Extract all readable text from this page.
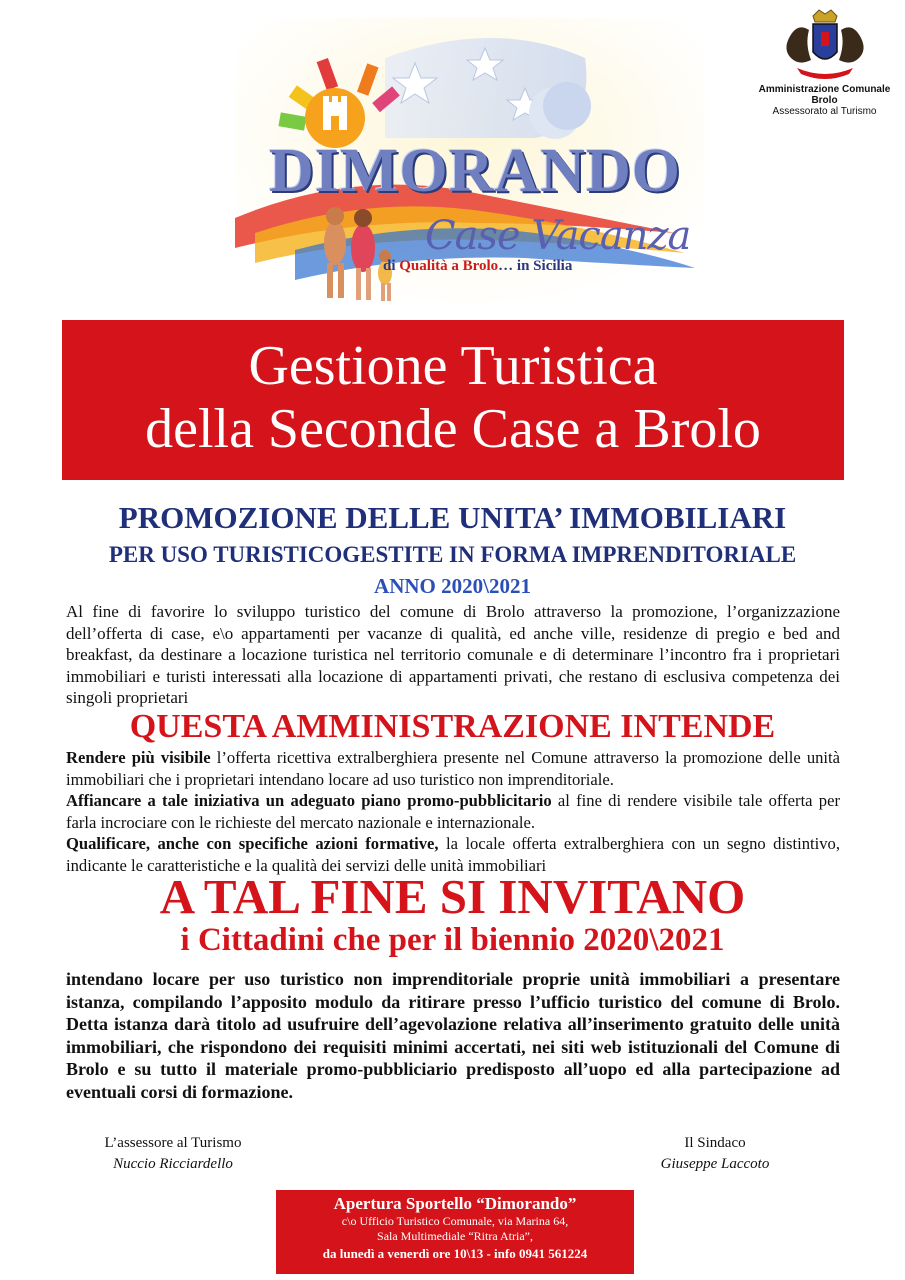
DIMORANDO
Case Vacanza
di Qualità a Brolo… in Sicilia
Amministrazione Comunale
Brolo
Assessorato al Turismo
Gestione Turistica
della Seconde Case a Brolo
PROMOZIONE DELLE UNITA’ IMMOBILIARI
PER USO TURISTICOGESTITE IN FORMA IMPRENDITORIALE
ANNO 2020\2021
Al fine di favorire lo sviluppo turistico del comune di Brolo attraverso la promozione, l’organizzazione dell’offerta di case, e\o appartamenti per vacanze di qualità, ed anche ville, residenze di pregio e bed and breakfast, da destinare a locazione turistica nel territorio comunale e di determinare l’incontro fra i proprietari immobiliari e turisti interessati alla locazione di appartamenti privati, che restano di esclusiva competenza dei singoli proprietari
QUESTA AMMINISTRAZIONE INTENDE
Rendere più visibile l’offerta ricettiva extralberghiera presente nel Comune attraverso la promozione delle unità immobiliari che i proprietari intendano locare ad uso turistico non imprenditoriale.
Affiancare a tale iniziativa un adeguato piano promo-pubblicitario al fine di rendere visibile tale offerta per farla incrociare con le richieste del mercato nazionale e internazionale.
Qualificare, anche con specifiche azioni formative, la locale offerta extralberghiera con un segno distintivo, indicante le caratteristiche e la qualità dei servizi delle unità immobiliari
A TAL FINE SI INVITANO
i Cittadini che per il biennio 2020\2021
intendano locare per uso turistico non imprenditoriale proprie unità immobiliari a presentare istanza, compilando l’apposito modulo da ritirare presso l’ufficio turistico del comune di Brolo. Detta istanza darà titolo ad usufruire dell’agevolazione relativa all’inserimento gratuito delle unità immobiliari, che rispondono dei requisiti minimi accertati, nei siti web istituzionali del Comune di Brolo e su tutto il materiale promo-pubbliciario predisposto all’uopo ed alla partecipazione ad eventuali corsi di formazione.
L’assessore al Turismo
Nuccio Ricciardello
Il Sindaco
Giuseppe Laccoto
Apertura Sportello “Dimorando”
c\o Ufficio Turistico Comunale, via Marina 64,
Sala Multimediale “Ritra Atria”,
da lunedì a venerdì ore 10\13 - info 0941 561224
